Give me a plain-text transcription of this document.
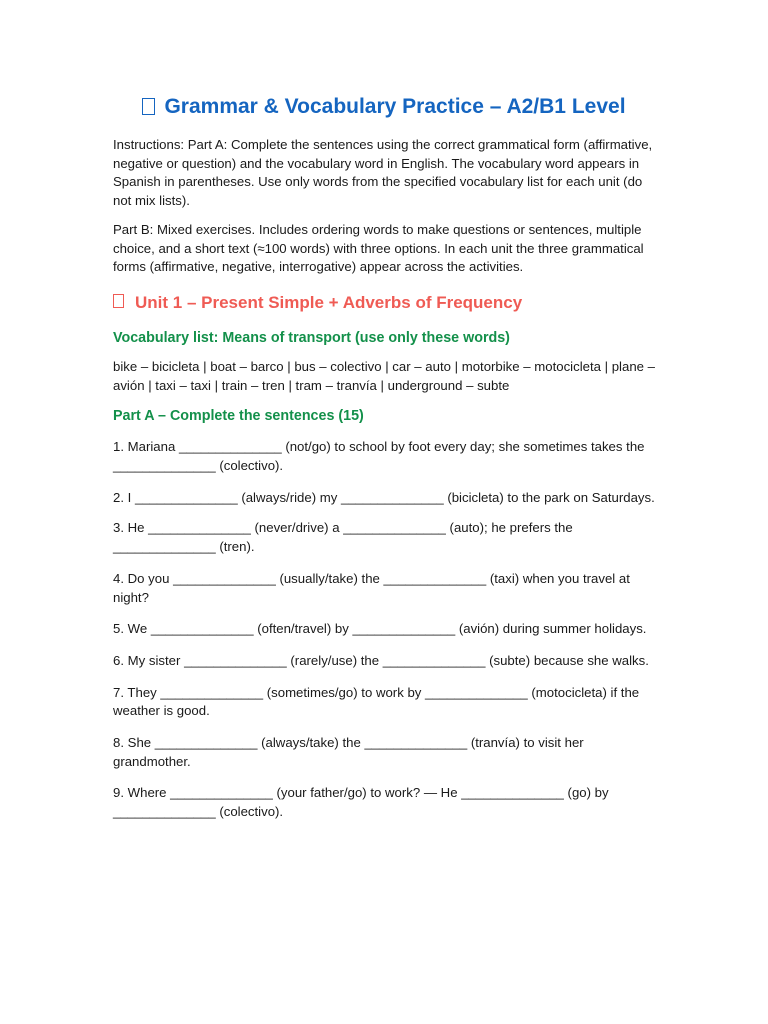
Grammar & Vocabulary Practice – A2/B1 Level

Instructions: Part A: Complete the sentences using the correct grammatical form (affirmative, negative or question) and the vocabulary word in English. The vocabulary word appears in Spanish in parentheses. Use only words from the specified vocabulary list for each unit (do not mix lists).

Part B: Mixed exercises. Includes ordering words to make questions or sentences, multiple choice, and a short text (≈100 words) with three options. In each unit the three grammatical forms (affirmative, negative, interrogative) appear across the activities.

Unit 1 – Present Simple + Adverbs of Frequency
Vocabulary list: Means of transport (use only these words)

bike – bicicleta | boat – barco | bus – colectivo | car – auto | motorbike – motocicleta | plane – avión | taxi – taxi | train – tren | tram – tranvía | underground – subte

Part A – Complete the sentences (15)

1. Mariana ______________ (not/go) to school by foot every day; she sometimes takes the ______________ (colectivo).

2. I ______________ (always/ride) my ______________ (bicicleta) to the park on Saturdays.

3. He ______________ (never/drive) a ______________ (auto); he prefers the ______________ (tren).

4. Do you ______________ (usually/take) the ______________ (taxi) when you travel at night?

5. We ______________ (often/travel) by ______________ (avión) during summer holidays.

6. My sister ______________ (rarely/use) the ______________ (subte) because she walks.

7. They ______________ (sometimes/go) to work by ______________ (motocicleta) if the weather is good.

8. She ______________ (always/take) the ______________ (tranvía) to visit her grandmother.

9. Where ______________ (your father/go) to work? — He ______________ (go) by ______________ (colectivo).
